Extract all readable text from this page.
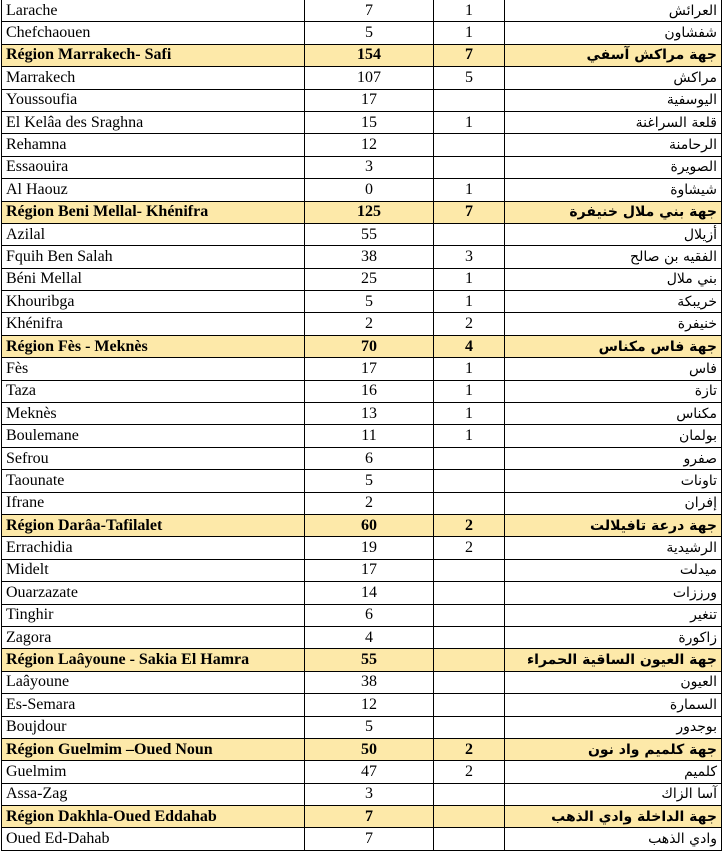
Larache	7	1	العرائش
Chefchaouen	5	1	شفشاون
Région Marrakech- Safi	154	7	جهة مراكش آسفي
Marrakech	107	5	مراكش
Youssoufia	17		اليوسفية
El Kelâa des Sraghna	15	1	قلعة السراغنة
Rehamna	12		الرحامنة
Essaouira	3		الصويرة
Al Haouz	0	1	شيشاوة
Région Beni Mellal- Khénifra	125	7	جهة بني ملال خنيفرة
Azilal	55		أزيلال
Fquih Ben Salah	38	3	الفقيه بن صالح
Béni Mellal	25	1	بني ملال
Khouribga	5	1	خريبكة
Khénifra	2	2	خنيفرة
Région Fès - Meknès	70	4	جهة فاس مكناس
Fès	17	1	فاس
Taza	16	1	تازة
Meknès	13	1	مكناس
Boulemane	11	1	بولمان
Sefrou	6		صفرو
Taounate	5		تاونات
Ifrane	2		إفران
Région Darâa-Tafilalet	60	2	جهة درعة تافيلالت
Errachidia	19	2	الرشيدية
Midelt	17		ميدلت
Ouarzazate	14		ورززات
Tinghir	6		تنغير
Zagora	4		زاكورة
Région Laâyoune - Sakia El Hamra	55		جهة العيون الساقية الحمراء
Laâyoune	38		العيون
Es-Semara	12		السمارة
Boujdour	5		بوجدور
Région Guelmim –Oued Noun	50	2	جهة كلميم واد نون
Guelmim	47	2	كلميم
Assa-Zag	3		آسا الزاك
Région Dakhla-Oued Eddahab	7		جهة الداخلة وادي الذهب
Oued Ed-Dahab	7		وادي الذهب
